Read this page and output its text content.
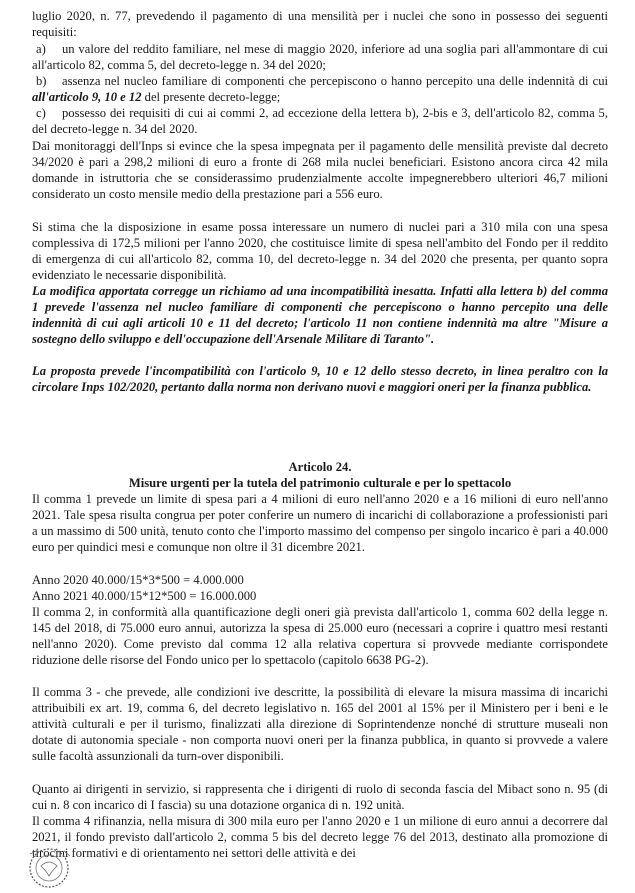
luglio 2020, n. 77, prevedendo il pagamento di una mensilità per i nuclei che sono in possesso dei seguenti requisiti:

a) un valore del reddito familiare, nel mese di maggio 2020, inferiore ad una soglia pari all'ammontare di cui all'articolo 82, comma 5, del decreto-legge n. 34 del 2020;

b) assenza nel nucleo familiare di componenti che percepiscono o hanno percepito una delle indennità di cui all'articolo 9, 10 e 12 del presente decreto-legge;

c) possesso dei requisiti di cui ai commi 2, ad eccezione della lettera b), 2-bis e 3, dell'articolo 82, comma 5, del decreto-legge n. 34 del 2020.

Dai monitoraggi dell'Inps si evince che la spesa impegnata per il pagamento delle mensilità previste dal decreto 34/2020 è pari a 298,2 milioni di euro a fronte di 268 mila nuclei beneficiari. Esistono ancora circa 42 mila domande in istruttoria che se considerassimo prudenzialmente accolte impegnerebbero ulteriori 46,7 milioni considerato un costo mensile medio della prestazione pari a 556 euro.

Si stima che la disposizione in esame possa interessare un numero di nuclei pari a 310 mila con una spesa complessiva di 172,5 milioni per l'anno 2020, che costituisce limite di spesa nell'ambito del Fondo per il reddito di emergenza di cui all'articolo 82, comma 10, del decreto-legge n. 34 del 2020 che presenta, per quanto sopra evidenziato le necessarie disponibilità.

La modifica apportata corregge un richiamo ad una incompatibilità inesatta. Infatti alla lettera b) del comma 1 prevede l'assenza nel nucleo familiare di componenti che percepiscono o hanno percepito una delle indennità di cui agli articoli 10 e 11 del decreto; l'articolo 11 non contiene indennità ma altre "Misure a sostegno dello sviluppo e dell'occupazione dell'Arsenale Militare di Taranto".

La proposta prevede l'incompatibilità con l'articolo 9, 10 e 12 dello stesso decreto, in linea peraltro con la circolare Inps 102/2020, pertanto dalla norma non derivano nuovi e maggiori oneri per la finanza pubblica.

Articolo 24.

Misure urgenti per la tutela del patrimonio culturale e per lo spettacolo

Il comma 1 prevede un limite di spesa pari a 4 milioni di euro nell'anno 2020 e a 16 milioni di euro nell'anno 2021. Tale spesa risulta congrua per poter conferire un numero di incarichi di collaborazione a professionisti pari a un massimo di 500 unità, tenuto conto che l'importo massimo del compenso per singolo incarico è pari a 40.000 euro per quindici mesi e comunque non oltre il 31 dicembre 2021.

Anno 2020 40.000/15*3*500 = 4.000.000

Anno 2021 40.000/15*12*500 = 16.000.000

Il comma 2, in conformità alla quantificazione degli oneri già prevista dall'articolo 1, comma 602 della legge n. 145 del 2018, di 75.000 euro annui, autorizza la spesa di 25.000 euro (necessari a coprire i quattro mesi restanti nell'anno 2020). Come previsto dal comma 12 alla relativa copertura si provvede mediante corrispondete riduzione delle risorse del Fondo unico per lo spettacolo (capitolo 6638 PG-2).

Il comma 3 - che prevede, alle condizioni ive descritte, la possibilità di elevare la misura massima di incarichi attribuibili ex art. 19, comma 6, del decreto legislativo n. 165 del 2001 al 15% per il Ministero per i beni e le attività culturali e per il turismo, finalizzati alla direzione di Soprintendenze nonché di strutture museali non dotate di autonomia speciale - non comporta nuovi oneri per la finanza pubblica, in quanto si provvede a valere sulle facoltà assunzionali da turn-over disponibili.

Quanto ai dirigenti in servizio, si rappresenta che i dirigenti di ruolo di seconda fascia del Mibact sono n. 95 (di cui n. 8 con incarico di I fascia) su una dotazione organica di n. 192 unità.

Il comma 4 rifinanzia, nella misura di 300 mila euro per l'anno 2020 e 1 un milione di euro annui a decorrere dal 2021, il fondo previsto dall'articolo 2, comma 5 bis del decreto legge 76 del 2013, destinato alla promozione di tirocini formativi e di orientamento nei settori delle attività e dei
